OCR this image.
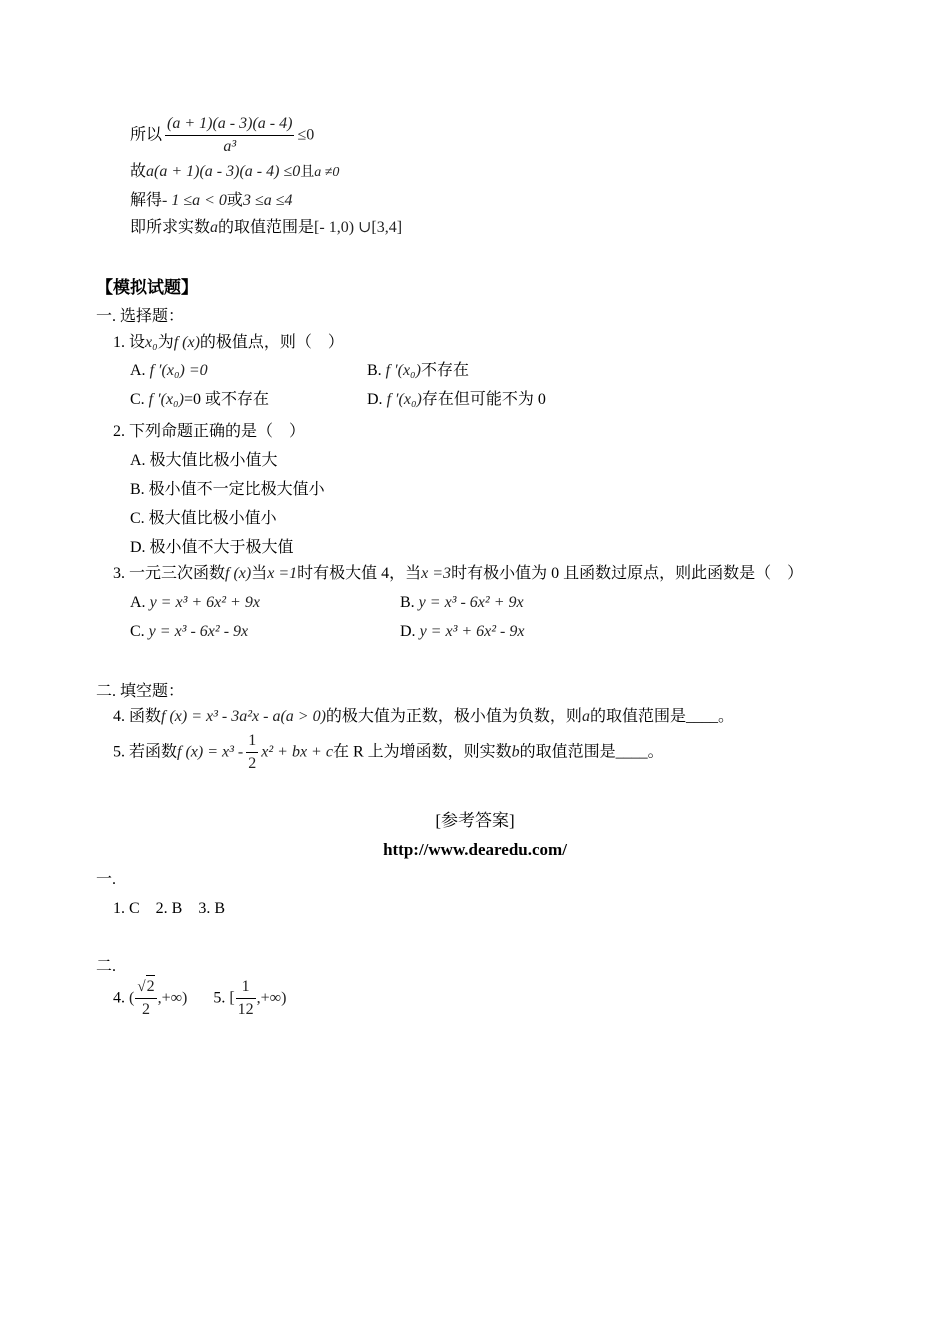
所以 $\frac{(a + 1)(a - 3)(a - 4)}{\text{a³}} \le 0$
故a(a + 1)(a - 3)(a - 4) ≤0且a ≠0
解得- 1 ≤a < 0或3 ≤a ≤4
即所求实数a的取值范围是[- 1,0) ∪[3,4]
【模拟试题】
一. 选择题：
1. 设x₀为f (x)的极值点，则（　）
A. f ′(x₀) =0	B. f ′(x₀)不存在
C. f ′(x₀)=0 或不存在	D. f ′(x₀)存在但可能不为 0
2. 下列命题正确的是（　）
A. 极大值比极小值大
B. 极小值不一定比极大值小
C. 极大值比极小值小
D. 极小值不大于极大值
3. 一元三次函数f (x)当x =1时有极大值 4，当x =3时有极小值为 0 且函数过原点，则此函数是（　）
A. y = x³ + 6x² + 9x	B. y = x³ - 6x² + 9x
C. y = x³ - 6x² - 9x	D. y = x³ + 6x² - 9x
二. 填空题：
4. 函数f (x) = x³ - 3a²x - a(a > 0)的极大值为正数，极小值为负数，则a的取值范围是____。
5. 若函数f $(x) = x^3 - \frac{1}{2} x^2$ + bx + c在 R 上为增函数，则实数b的取值范围是____。
[参考答案]
http://www.dearedu.com/
一.
1. C　2. B　3. B
二.
4. ( $\frac{√2}{2}$ ,+∞) 5. [ $\frac{1}{12}$ ,+∞)
